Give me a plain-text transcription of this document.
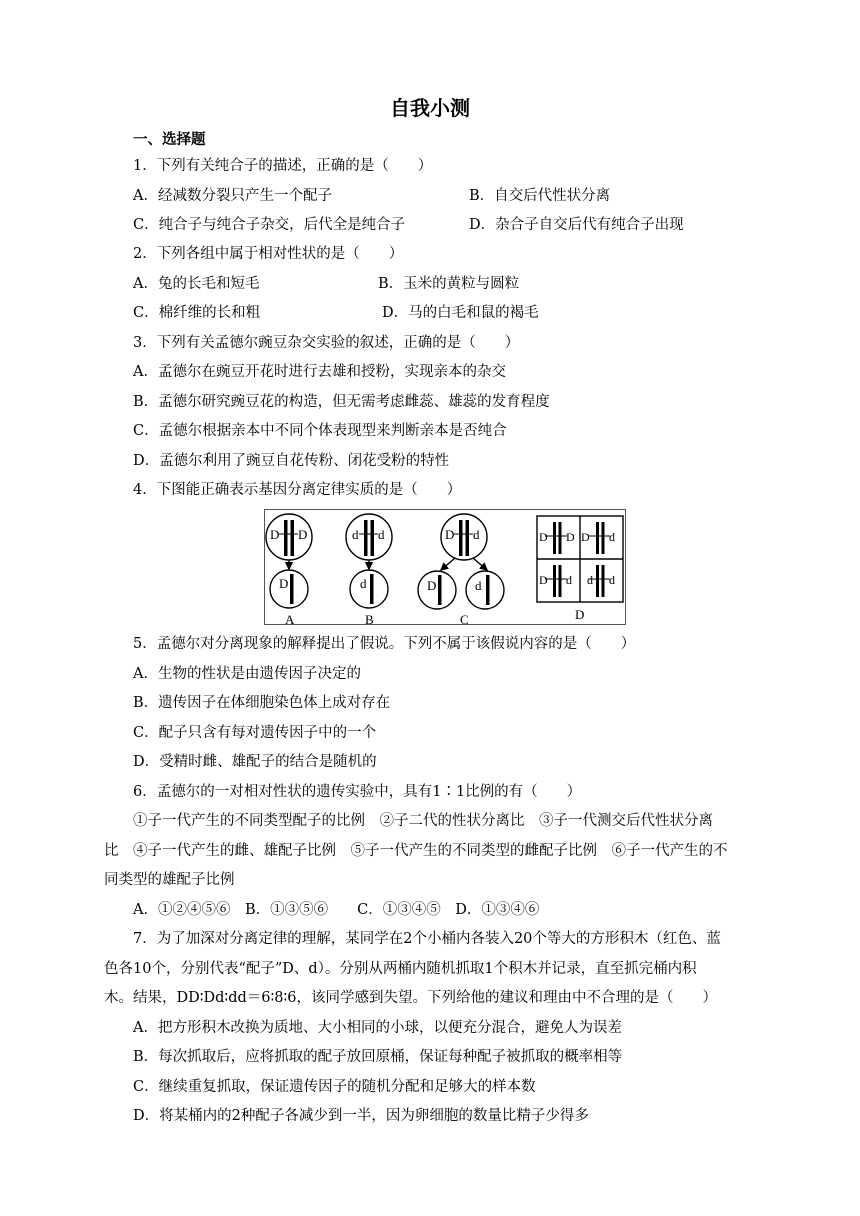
自我小测
一、选择题
1．下列有关纯合子的描述，正确的是（　　）
A．经减数分裂只产生一个配子	B．自交后代性状分离
C．纯合子与纯合子杂交，后代全是纯合子	D．杂合子自交后代有纯合子出现
2．下列各组中属于相对性状的是（　　）
A．兔的长毛和短毛	B．玉米的黄粒与圆粒
C．棉纤维的长和粗	D．马的白毛和鼠的褐毛
3．下列有关孟德尔豌豆杂交实验的叙述，正确的是（　　）
A．孟德尔在豌豆开花时进行去雄和授粉，实现亲本的杂交
B．孟德尔研究豌豆花的构造，但无需考虑雌蕊、雄蕊的发育程度
C．孟德尔根据亲本中不同个体表现型来判断亲本是否纯合
D．孟德尔利用了豌豆自花传粉、闭花受粉的特性
4．下图能正确表示基因分离定律实质的是（　　）
D D
D
d d
d
D d
D	d
D D D d
D d d d
A	B	C	D
5．孟德尔对分离现象的解释提出了假说。下列不属于该假说内容的是（　　）
A．生物的性状是由遗传因子决定的
B．遗传因子在体细胞染色体上成对存在
C．配子只含有每对遗传因子中的一个
D．受精时雌、雄配子的结合是随机的
6．孟德尔的一对相对性状的遗传实验中，具有1∶1比例的有（　　）
①子一代产生的不同类型配子的比例　②子二代的性状分离比　③子一代测交后代性状分离
比　④子一代产生的雌、雄配子比例　⑤子一代产生的不同类型的雌配子比例　⑥子一代产生的不
同类型的雄配子比例
A．①②④⑤⑥　B．①③⑤⑥　　C．①③④⑤　D．①③④⑥
7．为了加深对分离定律的理解，某同学在2个小桶内各装入20个等大的方形积木（红色、蓝
色各10个，分别代表“配子”D、d）。分别从两桶内随机抓取1个积木并记录，直至抓完桶内积
木。结果，DD∶Dd∶dd＝6∶8∶6，该同学感到失望。下列给他的建议和理由中不合理的是（　　）
A．把方形积木改换为质地、大小相同的小球，以便充分混合，避免人为误差
B．每次抓取后，应将抓取的配子放回原桶，保证每种配子被抓取的概率相等
C．继续重复抓取，保证遗传因子的随机分配和足够大的样本数
D．将某桶内的2种配子各减少到一半，因为卵细胞的数量比精子少得多
